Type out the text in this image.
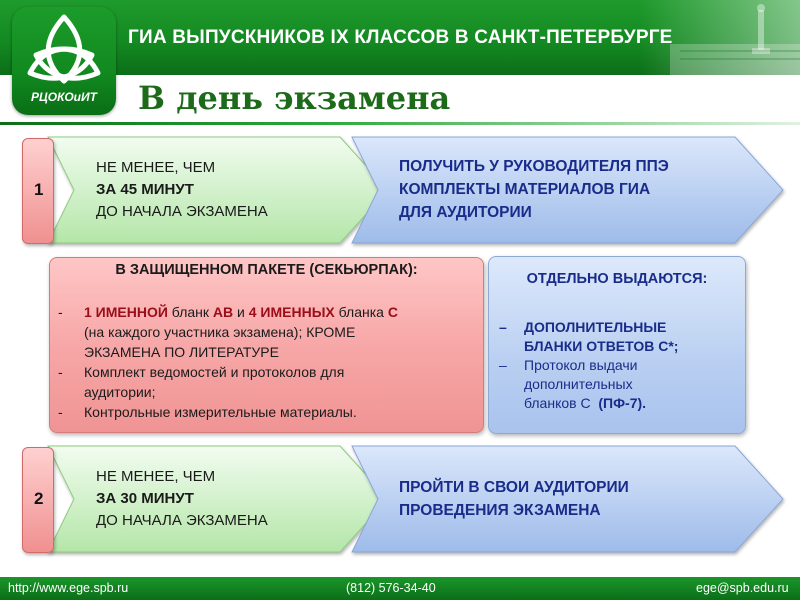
ГИА ВЫПУСКНИКОВ IX КЛАССОВ В САНКТ-ПЕТЕРБУРГЕ
РЦОКОиИТ	В день экзамена
1
2
НЕ МЕНЕЕ, ЧЕМ
ЗА 45 МИНУТ
ДО НАЧАЛА ЭКЗАМЕНА
ПОЛУЧИТЬ У РУКОВОДИТЕЛЯ ППЭ
КОМПЛЕКТЫ МАТЕРИАЛОВ ГИА
ДЛЯ АУДИТОРИИ
В ЗАЩИЩЕННОМ ПАКЕТЕ (СЕКЬЮРПАК):
- 1 ИМЕННОЙ бланк АВ и 4 ИМЕННЫХ бланка С
(на каждого участника экзамена); КРОМЕ
ЭКЗАМЕНА ПО ЛИТЕРАТУРЕ
- Комплект ведомостей и протоколов для
аудитории;
- Контрольные измерительные материалы.
ОТДЕЛЬНО ВЫДАЮТСЯ:
– ДОПОЛНИТЕЛЬНЫЕ
БЛАНКИ ОТВЕТОВ С*;
– Протокол выдачи
дополнительных
бланков С (ПФ-7).
НЕ МЕНЕЕ, ЧЕМ
ЗА 30 МИНУТ
ДО НАЧАЛА ЭКЗАМЕНА
ПРОЙТИ В СВОИ АУДИТОРИИ
ПРОВЕДЕНИЯ ЭКЗАМЕНА
http://www.ege.spb.ru	(812) 576-34-40	ege@spb.edu.ru
